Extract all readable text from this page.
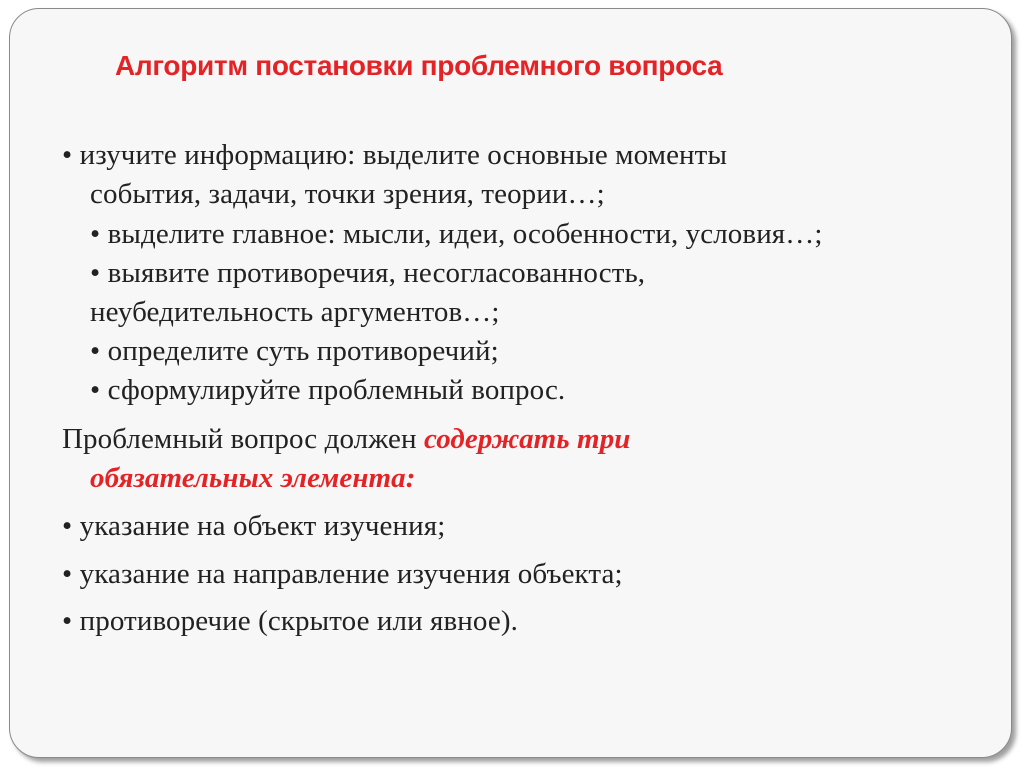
Алгоритм постановки проблемного вопроса
• изучите информацию: выделите основные моменты
события, задачи, точки зрения, теории…;
• выделите главное: мысли, идеи, особенности, условия…;
• выявите противоречия, несогласованность,
неубедительность аргументов…;
• определите суть противоречий;
• сформулируйте проблемный вопрос.
Проблемный вопрос должен содержать три
обязательных элемента:
• указание на объект изучения;
• указание на направление изучения объекта;
• противоречие (скрытое или явное).
